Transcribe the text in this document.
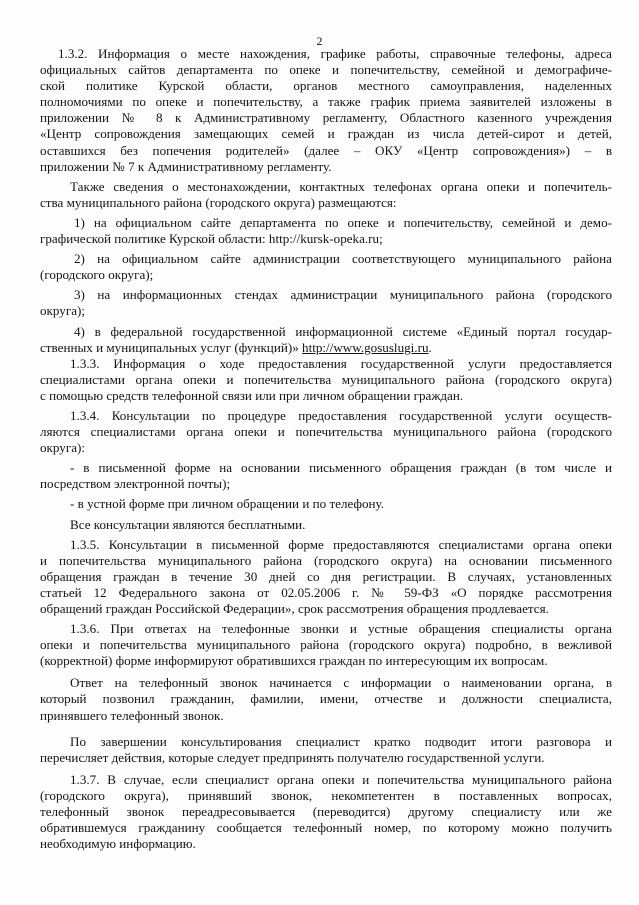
2
1.3.2. Информация о месте нахождения, графике работы, справочные телефоны, адреса
официальных сайтов департамента по опеке и попечительству, семейной и демографиче-
ской политике Курской области, органов местного самоуправления, наделенных
полномочиями по опеке и попечительству, а также график приема заявителей изложены в
приложении № 8 к Административному регламенту, Областного казенного учреждения
«Центр сопровождения замещающих семей и граждан из числа детей-сирот и детей,
оставшихся без попечения родителей» (далее – ОКУ «Центр сопровождения») – в
приложении № 7 к Административному регламенту.
Также сведения о местонахождении, контактных телефонах органа опеки и попечитель-
ства муниципального района (городского округа) размещаются:
1) на официальном сайте департамента по опеке и попечительству, семейной и демо-
графической политике Курской области: http://kursk-opeka.ru;
2) на официальном сайте администрации соответствующего муниципального района
(городского округа);
3) на информационных стендах администрации муниципального района (городского
округа);
4) в федеральной государственной информационной системе «Единый портал государ-
ственных и муниципальных услуг (функций)» http://www.gosuslugi.ru.
1.3.3. Информация о ходе предоставления государственной услуги предоставляется
специалистами органа опеки и попечительства муниципального района (городского округа)
с помощью средств телефонной связи или при личном обращении граждан.
1.3.4. Консультации по процедуре предоставления государственной услуги осуществ-
ляются специалистами органа опеки и попечительства муниципального района (городского
округа):
- в письменной форме на основании письменного обращения граждан (в том числе и
посредством электронной почты);
- в устной форме при личном обращении и по телефону.
Все консультации являются бесплатными.
1.3.5. Консультации в письменной форме предоставляются специалистами органа опеки
и попечительства муниципального района (городского округа) на основании письменного
обращения граждан в течение 30 дней со дня регистрации. В случаях, установленных
статьей 12 Федерального закона от 02.05.2006 г. № 59-ФЗ «О порядке рассмотрения
обращений граждан Российской Федерации», срок рассмотрения обращения продлевается.
1.3.6. При ответах на телефонные звонки и устные обращения специалисты органа
опеки и попечительства муниципального района (городского округа) подробно, в вежливой
(корректной) форме информируют обратившихся граждан по интересующим их вопросам.
Ответ на телефонный звонок начинается с информации о наименовании органа, в
который позвонил гражданин, фамилии, имени, отчестве и должности специалиста,
принявшего телефонный звонок.
По завершении консультирования специалист кратко подводит итоги разговора и
перечисляет действия, которые следует предпринять получателю государственной услуги.
1.3.7. В случае, если специалист органа опеки и попечительства муниципального района
(городского округа), принявший звонок, некомпетентен в поставленных вопросах,
телефонный звонок переадресовывается (переводится) другому специалисту или же
обратившемуся гражданину сообщается телефонный номер, по которому можно получить
необходимую информацию.
